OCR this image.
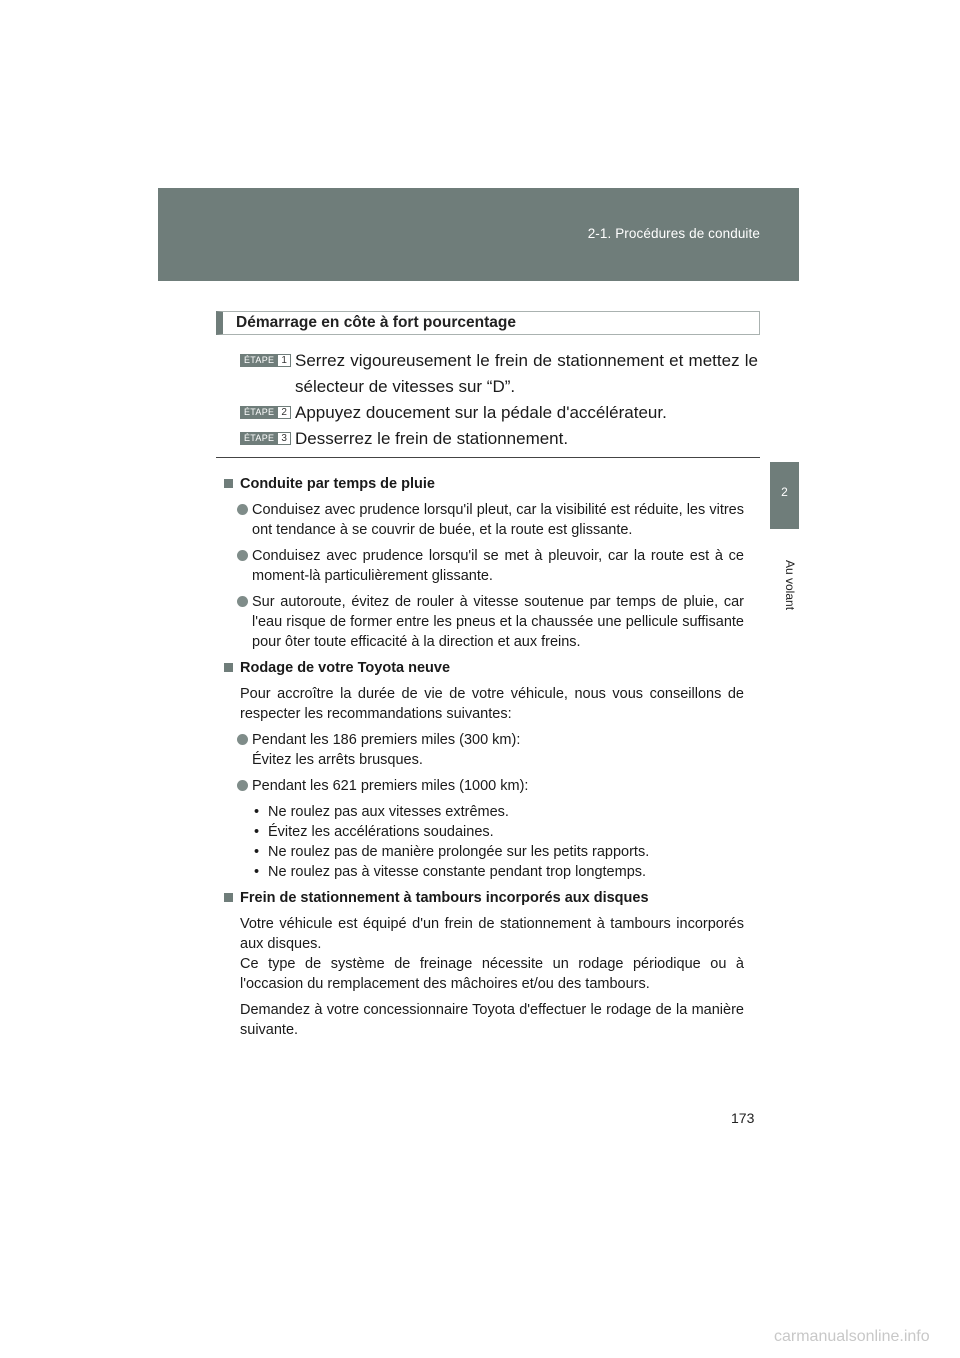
2-1. Procédures de conduite
2
Au volant
Démarrage en côte à fort pourcentage
ÉTAPE 1 Serrez vigoureusement le frein de stationnement et mettez le sélecteur de vitesses sur “D”.
ÉTAPE 2 Appuyez doucement sur la pédale d'accélérateur.
ÉTAPE 3 Desserrez le frein de stationnement.
Conduite par temps de pluie
Conduisez avec prudence lorsqu'il pleut, car la visibilité est réduite, les vitres ont tendance à se couvrir de buée, et la route est glissante.
Conduisez avec prudence lorsqu'il se met à pleuvoir, car la route est à ce moment-là particulièrement glissante.
Sur autoroute, évitez de rouler à vitesse soutenue par temps de pluie, car l'eau risque de former entre les pneus et la chaussée une pellicule suffisante pour ôter toute efficacité à la direction et aux freins.
Rodage de votre Toyota neuve
Pour accroître la durée de vie de votre véhicule, nous vous conseillons de respecter les recommandations suivantes:
Pendant les 186 premiers miles (300 km):
Évitez les arrêts brusques.
Pendant les 621 premiers miles (1000 km):
• Ne roulez pas aux vitesses extrêmes.
• Évitez les accélérations soudaines.
• Ne roulez pas de manière prolongée sur les petits rapports.
• Ne roulez pas à vitesse constante pendant trop longtemps.
Frein de stationnement à tambours incorporés aux disques
Votre véhicule est équipé d'un frein de stationnement à tambours incorporés aux disques.
Ce type de système de freinage nécessite un rodage périodique ou à l'occasion du remplacement des mâchoires et/ou des tambours.
Demandez à votre concessionnaire Toyota d'effectuer le rodage de la manière suivante.
173
carmanualsonline.info
